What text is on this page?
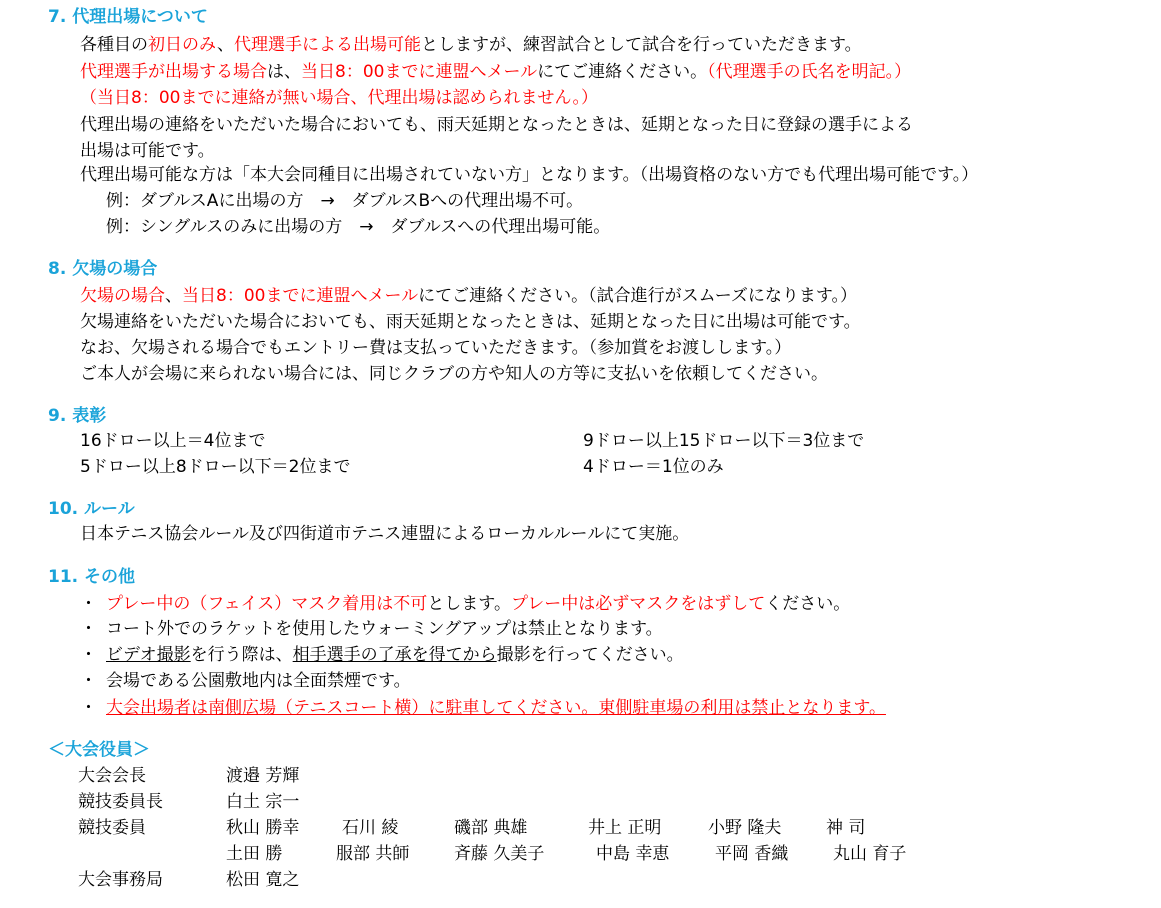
7. 代理出場について
各種目の初日のみ、代理選手による出場可能としますが、練習試合として試合を行っていただきます。
代理選手が出場する場合は、当日8：00までに連盟へメールにてご連絡ください。（代理選手の氏名を明記。）
（当日8：00までに連絡が無い場合、代理出場は認められません。）
代理出場の連絡をいただいた場合においても、雨天延期となったときは、延期となった日に登録の選手による
出場は可能です。
代理出場可能な方は「本大会同種目に出場されていない方」となります。（出場資格のない方でも代理出場可能です。）
例：ダブルスAに出場の方　→　ダブルスBへの代理出場不可。
例：シングルスのみに出場の方　→　ダブルスへの代理出場可能。
8. 欠場の場合
欠場の場合、当日8：00までに連盟へメールにてご連絡ください。（試合進行がスムーズになります。）
欠場連絡をいただいた場合においても、雨天延期となったときは、延期となった日に出場は可能です。
なお、欠場される場合でもエントリー費は支払っていただきます。（参加賞をお渡しします。）
ご本人が会場に来られない場合には、同じクラブの方や知人の方等に支払いを依頼してください。
9. 表彰
16ドロー以上＝4位まで	9ドロー以上15ドロー以下＝3位まで
5ドロー以上8ドロー以下＝2位まで	4ドロー＝1位のみ
10. ルール
日本テニス協会ルール及び四街道市テニス連盟によるローカルルールにて実施。
11. その他
・ プレー中の（フェイス）マスク着用は不可とします。プレー中は必ずマスクをはずしてください。
・ コート外でのラケットを使用したウォーミングアップは禁止となります。
・ ビデオ撮影を行う際は、相手選手の了承を得てから撮影を行ってください。
・ 会場である公園敷地内は全面禁煙です。
・ 大会出場者は南側広場（テニスコート横）に駐車してください。東側駐車場の利用は禁止となります。
＜大会役員＞
大会会長	渡邉 芳輝
競技委員長	白土 宗一
競技委員	秋山 勝幸	石川 綾	磯部 典雄	井上 正明	小野 隆夫	神 司
土田 勝	服部 共師	斉藤 久美子	中島 幸恵	平岡 香織	丸山 育子
大会事務局	松田 寛之
